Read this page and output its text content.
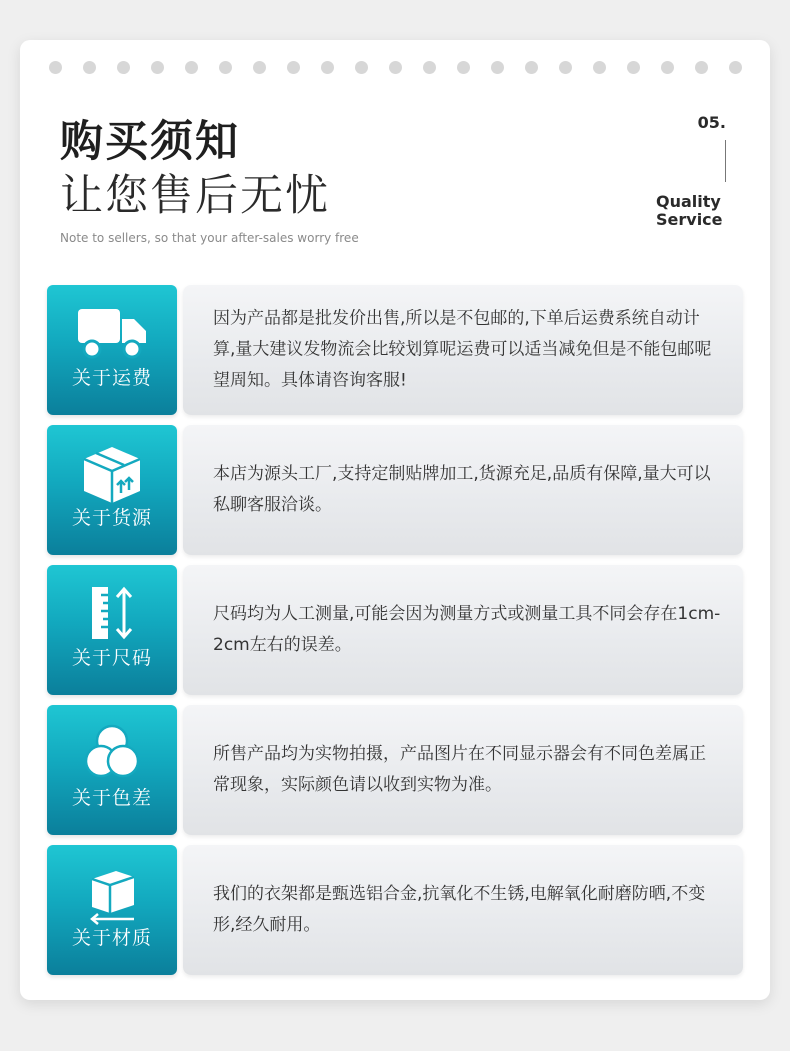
购买须知
让您售后无忧
Note to sellers, so that your after-sales worry free
05.
Quality
Service
关于运费

因为产品都是批发价出售,所以是不包邮的,下单后运费系统自动计算,量大建议发物流会比较划算呢运费可以适当减免但是不能包邮呢望周知。具体请咨询客服!

关于货源

本店为源头工厂,支持定制贴牌加工,货源充足,品质有保障,量大可以私聊客服洽谈。

关于尺码

尺码均为人工测量,可能会因为测量方式或测量工具不同会存在1cm-2cm左右的误差。

关于色差

所售产品均为实物拍摄，产品图片在不同显示器会有不同色差属正常现象，实际颜色请以收到实物为准。

关于材质

我们的衣架都是甄选铝合金,抗氧化不生锈,电解氧化耐磨防晒,不变形,经久耐用。
